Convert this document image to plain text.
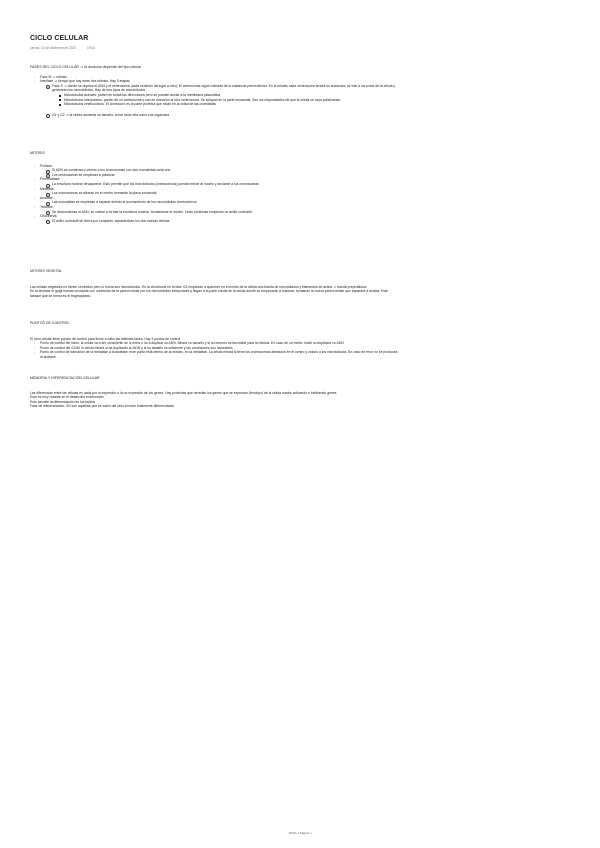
CICLO CELULAR
jueves, 14 de diciembre de 2023	19:43

FASES DEL CICLO CELULAR -> la duración depende del tipo celular

- Fase M -> mitosis
- Interfase -> tiempo que hay entre dos mitosis. Hay 3 etapas
Fase S -> donde se duplica el ADN y el centrosoma (cada centriolo da lugar a otro). El centrosoma sigue rodeada de la sustancia pericentriolar. En la mitosis cada centrosoma tendrá su sustancia, se irán a los polos de la célula y
generarán los microtúbulos. Hay de tres tipos de microtúbulos
Microtúbulos astrales: parten en todas las direcciones pero se pueden anclar a la membrana plasmática
Microtúbulos interpolares: parten de un centrosoma y van en dirección al otro centrosoma. Se solapan en la parte ecuatorial. Son los responsables de que la célula se vaya polarizando
Microtúbulos cinetocóricos: El cinetocoro es la parte proteica que están en la mitad de las cromátidas
G1 y G2 -> la célula aumenta su tamaño, crece tanto ella como sus orgánulos

MITOSIS

- Profase:
El ADN se condensa y vemos a los cromosomas con dos cromátidas cada uno
Los centrosomas se empiezan a polarizar
- Prometafase:
La envoltura nuclear desaparece. Esto permite que los microtúbulos (cinetocóricos) puedan entrar al núcleo y anclarse a los cromosomas
- Metafase:
Los cromosomas se alinean en el centro formando la placa ecuatorial
- Anafase:
Las cromátidas se empiezan a separar debido al acortamiento de los microtúbulos cinetocóricos
- Telofase:
Se descondensa el ADN, se vuelve a formar la envoltura nuclear, formándose el núcleo. Unas proteínas empiezan un anillo contráctil
- Citocinesis:
El anillo contráctil se cierra por completo, separándose los dos nuevas células

MITOSIS VEGETAL

Las células vegetales no tienen centriolos pero sí forma sus microtúbulos. En la citocinesis en la fase G2 empiezan a aparecer en el medio de la célula una banda de microtúbulos y filamentos de actina -> banda preprofásica.

En la telofase el golgi manda vesículas con contenido de la pared celular por los microtúbulos interpolares y llegan a la parte media de la célula donde se empezarán a fusionar, formando la nueva pared celular que separará a ambas. Este

tabique que se forma es el fragmoplasto

PUNTOS DE CONTROL

El ciclo celular tiene puntos de control para llevar a cabo las distintas fases. Hay 3 puntos de control

- Punto de control del inicio: la célula va a ser consciente de si entra o no a duplicar su ADN. Mirará su tamaño y si su entorno es favorable para la mitosis. En caso de un medio hostil no duplicará su ADN
- Punto de control del G2/M: la célula mirará si ha duplicado su ADN y si su tamaño es suficiente y las condiciones son favorables
- Punto de control de transición de la metafase a la anafase: este punto está dentro de la mitosis, en la metafase. La célula mirará si tiene los cromosomas alineados en el centro y unidos a los microtúbulos. En caso de error no se producirá
la anafase

MEMORIA Y DIFERENCIACIÓN CELULAR

Las diferencias entre las células es dada por la expresión o la no expresión de los genes. Hay proteínas que heredan los genes que se expresan (fenotipo) de la célula madre activando e inhibiendo genes

Esto es muy notable en el desarrollo embrionario

Esto permite la diferenciación de los tejidos

Fase de diferenciación: G0 son aquellas que se salen del ciclo al estar totalmente diferenciadas

TEMA 1 Página 1
